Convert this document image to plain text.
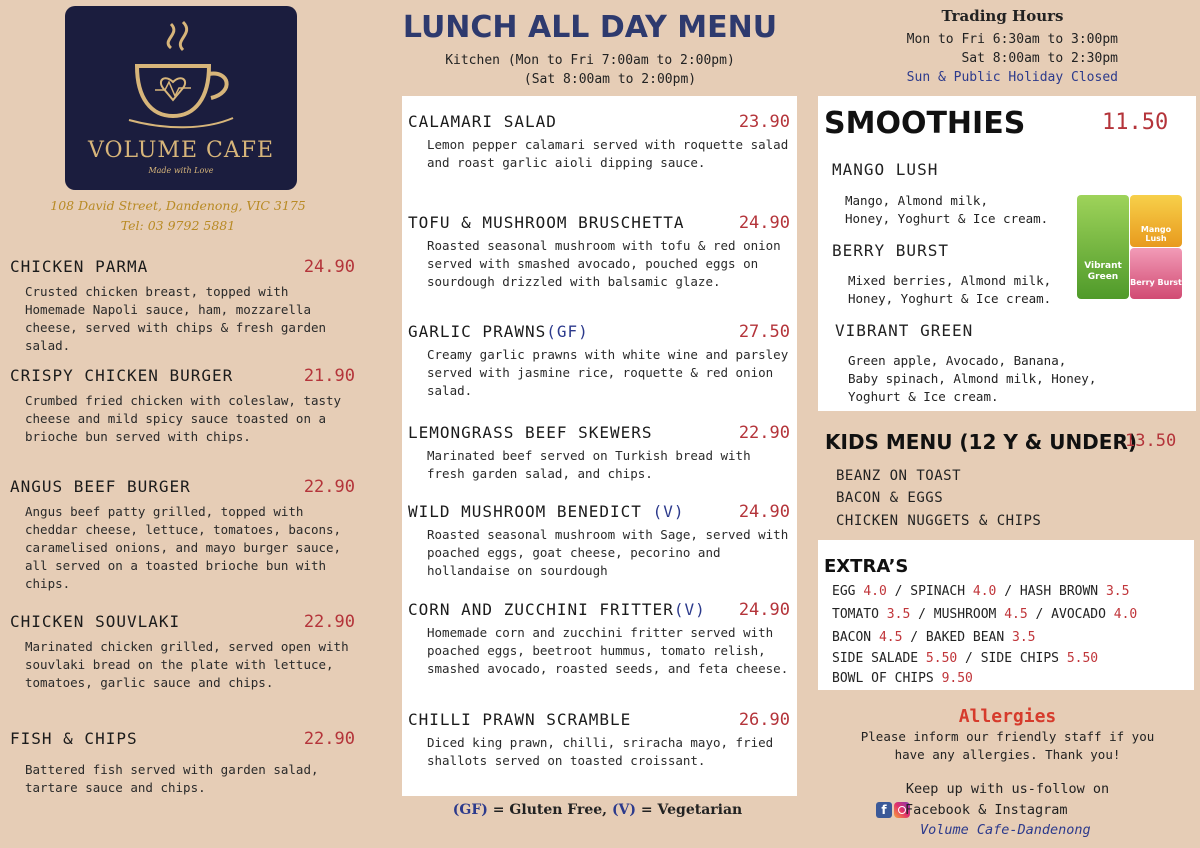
VOLUME CAFE
Made with Love
108 David Street, Dandenong, VIC 3175
Tel: 03 9792 5881
CHICKEN PARMA	24.90
Crusted chicken breast, topped with Homemade Napoli sauce, ham, mozzarella cheese, served with chips & fresh garden salad.
CRISPY CHICKEN BURGER	21.90
Crumbed fried chicken with coleslaw, tasty cheese and mild spicy sauce toasted on a brioche bun served with chips.
ANGUS BEEF BURGER	22.90
Angus beef patty grilled, topped with cheddar cheese, lettuce, tomatoes, bacons, caramelised onions, and mayo burger sauce, all served on a toasted brioche bun with chips.
CHICKEN SOUVLAKI	22.90
Marinated chicken grilled, served open with souvlaki bread on the plate with lettuce, tomatoes, garlic sauce and chips.
FISH & CHIPS	22.90
Battered fish served with garden salad, tartare sauce and chips.
LUNCH ALL DAY MENU
Kitchen (Mon to Fri 7:00am to 2:00pm)
(Sat 8:00am to 2:00pm)
CALAMARI SALAD	23.90
Lemon pepper calamari served with roquette salad and roast garlic aioli dipping sauce.
TOFU & MUSHROOM BRUSCHETTA	24.90
Roasted seasonal mushroom with tofu & red onion served with smashed avocado, pouched eggs on sourdough drizzled with balsamic glaze.
GARLIC PRAWNS(GF)	27.50
Creamy garlic prawns with white wine and parsley served with jasmine rice, roquette & red onion salad.
LEMONGRASS BEEF SKEWERS	22.90
Marinated beef served on Turkish bread with fresh garden salad, and chips.
WILD MUSHROOM BENEDICT (V)	24.90
Roasted seasonal mushroom with Sage, served with poached eggs, goat cheese, pecorino and hollandaise on sourdough
CORN AND ZUCCHINI FRITTER(V) 24.90
Homemade corn and zucchini fritter served with poached eggs, beetroot hummus, tomato relish, smashed avocado, roasted seeds, and feta cheese.
CHILLI PRAWN SCRAMBLE	26.90
Diced king prawn, chilli, sriracha mayo, fried shallots served on toasted croissant.
(GF) = Gluten Free, (V) = Vegetarian
Trading Hours
Mon to Fri 6:30am to 3:00pm
Sat 8:00am to 2:30pm
Sun & Public Holiday Closed
SMOOTHIES	11.50
MANGO LUSH
Mango, Almond milk,
Honey, Yoghurt & Ice cream.
BERRY BURST
Mixed berries, Almond milk,
Honey, Yoghurt & Ice cream.
VIBRANT GREEN
Green apple, Avocado, Banana,
Baby spinach, Almond milk, Honey,
Yoghurt & Ice cream.
Vibrant Green
Mango Lush
Berry Burst
KIDS MENU (12 Y & UNDER)
13.50
BEANZ ON TOAST
BACON & EGGS
CHICKEN NUGGETS & CHIPS
EXTRA’S
EGG 4.0 / SPINACH 4.0 / HASH BROWN 3.5
TOMATO 3.5 / MUSHROOM 4.5 / AVOCADO 4.0
BACON 4.5 / BAKED BEAN 3.5
SIDE SALADE 5.50 / SIDE CHIPS 5.50
BOWL OF CHIPS 9.50
Allergies
Please inform our friendly staff if you
have any allergies. Thank you!
Keep up with us-follow on
f	Facebook & Instagram
Volume Cafe-Dandenong
